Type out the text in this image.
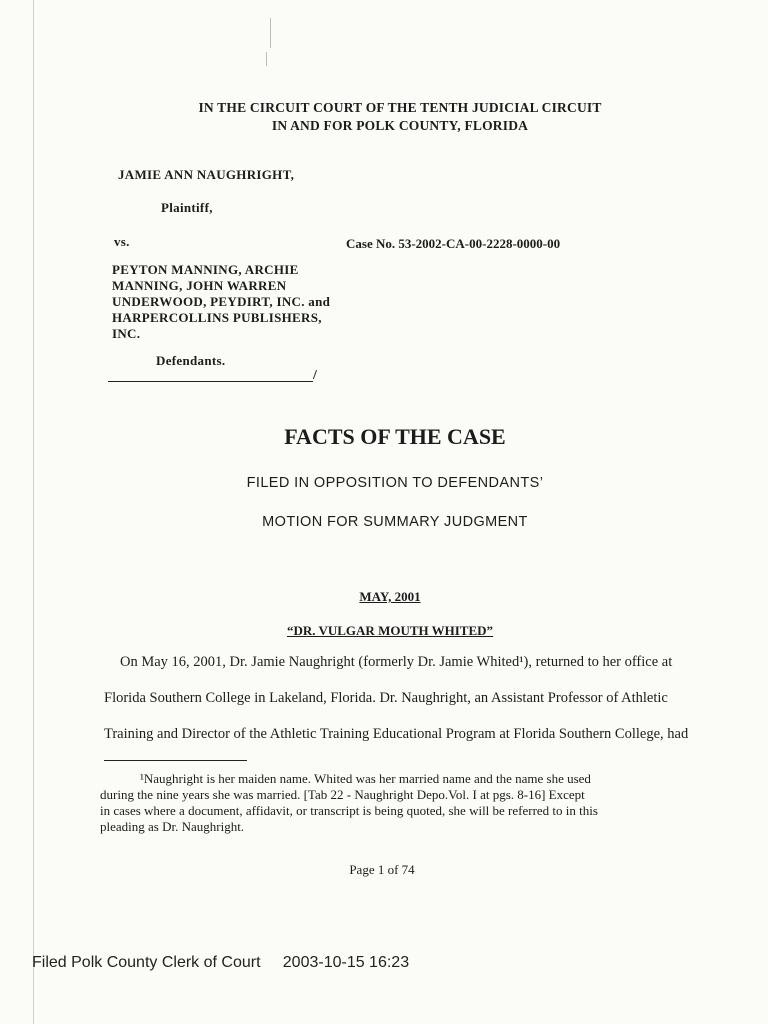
IN THE CIRCUIT COURT OF THE TENTH JUDICIAL CIRCUIT
IN AND FOR POLK COUNTY, FLORIDA
JAMIE ANN NAUGHRIGHT,
Plaintiff,
vs.	Case No. 53-2002-CA-00-2228-0000-00
PEYTON MANNING, ARCHIE
MANNING, JOHN WARREN
UNDERWOOD, PEYDIRT, INC. and
HARPERCOLLINS PUBLISHERS,
INC.
Defendants.
/
FACTS OF THE CASE
FILED IN OPPOSITION TO DEFENDANTS’
MOTION FOR SUMMARY JUDGMENT
MAY, 2001
“DR. VULGAR MOUTH WHITED”
On May 16, 2001, Dr. Jamie Naughright (formerly Dr. Jamie Whited¹), returned to her office at
Florida Southern College in Lakeland, Florida. Dr. Naughright, an Assistant Professor of Athletic
Training and Director of the Athletic Training Educational Program at Florida Southern College, had

¹Naughright is her maiden name. Whited was her married name and the name she used

during the nine years she was married. [Tab 22 - Naughright Depo.Vol. I at pgs. 8-16] Except

in cases where a document, affidavit, or transcript is being quoted, she will be referred to in this

pleading as Dr. Naughright.

Page 1 of 74
Filed Polk County Clerk of Court 2003-10-15 16:23
